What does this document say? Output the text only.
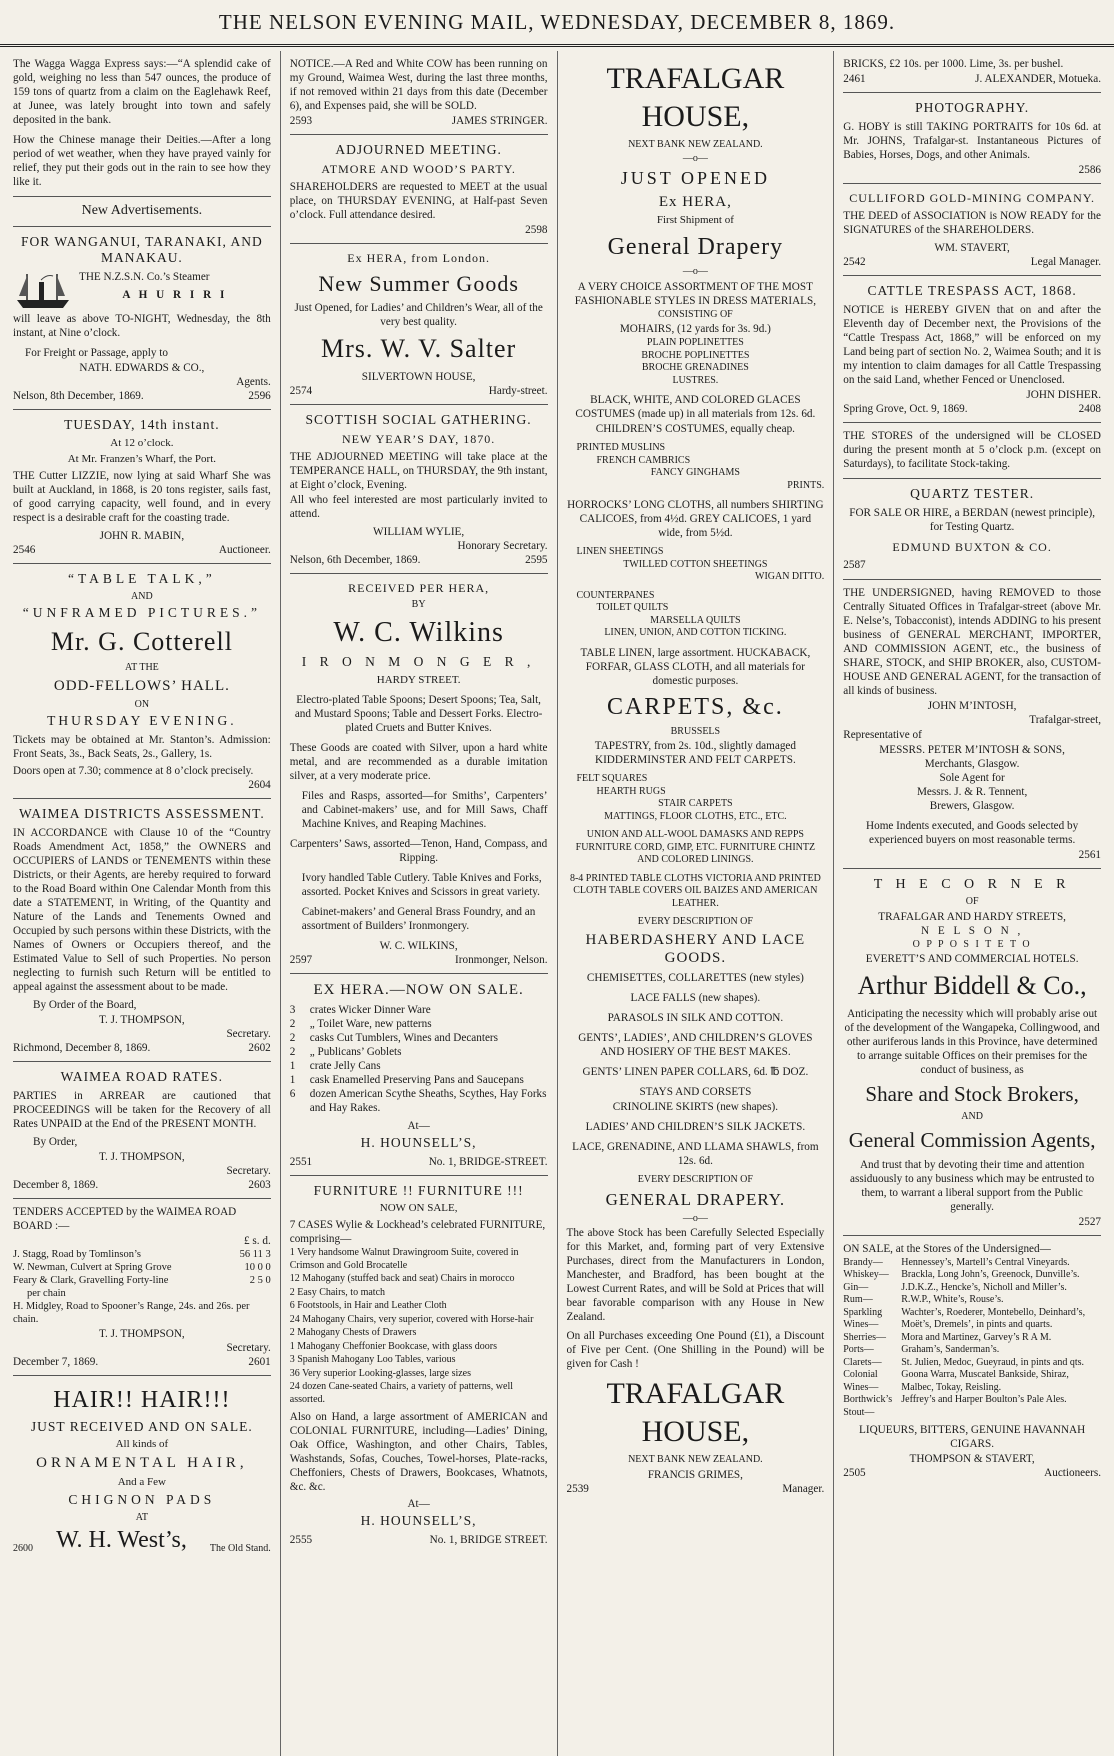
THE NELSON EVENING MAIL, WEDNESDAY, DECEMBER 8, 1869.
The Wagga Wagga Express says:—“A splendid cake of gold, weighing no less than 547 ounces, the produce of 159 tons of quartz from a claim on the Eaglehawk Reef, at Junee, was lately brought into town and safely deposited in the bank.
How the Chinese manage their Deities.—After a long period of wet weather, when they have prayed vainly for relief, they put their gods out in the rain to see how they like it.
New Advertisements.
FOR WANGANUI, TARANAKI, AND MANAKAU.
THE N.Z.S.N. Co.’s Steamer
A H U R I R I
will leave as above TO-NIGHT, Wednesday, the 8th instant, at Nine o’clock.
For Freight or Passage, apply to
NATH. EDWARDS & CO.,
Agents.
Nelson, 8th December, 1869.	2596
TUESDAY, 14th instant.
At 12 o’clock.
At Mr. Franzen’s Wharf, the Port.
THE Cutter LIZZIE, now lying at said Wharf She was built at Auckland, in 1868, is 20 tons register, sails fast, of good carrying capacity, well found, and in every respect is a desirable craft for the coasting trade.
JOHN R. MABIN,
2546	Auctioneer.
“TABLE TALK,”
AND
“UNFRAMED PICTURES.”
Mr. G. Cotterell
AT THE
ODD-FELLOWS’ HALL.
ON
THURSDAY EVENING.
Tickets may be obtained at Mr. Stanton’s. Admission: Front Seats, 3s., Back Seats, 2s., Gallery, 1s.
Doors open at 7.30; commence at 8 o’clock precisely.
2604
WAIMEA DISTRICTS ASSESSMENT.
IN ACCORDANCE with Clause 10 of the “Country Roads Amendment Act, 1858,” the OWNERS and OCCUPIERS of LANDS or TENEMENTS within these Districts, or their Agents, are hereby required to forward to the Road Board within One Calendar Month from this date a STATEMENT, in Writing, of the Quantity and Nature of the Lands and Tenements Owned and Occupied by such persons within these Districts, with the Names of Owners or Occupiers thereof, and the Estimated Value to Sell of such Properties. No person neglecting to furnish such Return will be entitled to appeal against the assessment about to be made.
By Order of the Board,
T. J. THOMPSON,
Secretary.
Richmond, December 8, 1869.	2602
WAIMEA ROAD RATES.
PARTIES in ARREAR are cautioned that PROCEEDINGS will be taken for the Recovery of all Rates UNPAID at the End of the PRESENT MONTH.
By Order,
T. J. THOMPSON,
Secretary.
December 8, 1869.	2603
TENDERS ACCEPTED by the WAIMEA ROAD BOARD :—
£ s. d.
J. Stagg, Road by Tomlinson’s	56 11 3
W. Newman, Culvert at Spring Grove	10 0 0
Feary & Clark, Gravelling Forty-line	2 5 0
per chain	
H. Midgley, Road to Spooner’s Range, 24s. and 26s. per chain.	
T. J. THOMPSON,
Secretary.
December 7, 1869.	2601
HAIR!! HAIR!!!
JUST RECEIVED AND ON SALE.
All kinds of
ORNAMENTAL HAIR,
And a Few
CHIGNON PADS
AT
2600 W. H. West’s, The Old Stand.
NOTICE.—A Red and White COW has been running on my Ground, Waimea West, during the last three months, if not removed within 21 days from this date (December 6), and Expenses paid, she will be SOLD.
2593	JAMES STRINGER.
ADJOURNED MEETING.
ATMORE AND WOOD’S PARTY.
SHAREHOLDERS are requested to MEET at the usual place, on THURSDAY EVENING, at Half-past Seven o’clock. Full attendance desired.
2598
Ex HERA, from London.
New Summer Goods
Just Opened, for Ladies’ and Children’s Wear, all of the very best quality.
Mrs. W. V. Salter
SILVERTOWN HOUSE,
2574	Hardy-street.
SCOTTISH SOCIAL GATHERING.
NEW YEAR’S DAY, 1870.
THE ADJOURNED MEETING will take place at the TEMPERANCE HALL, on THURSDAY, the 9th instant, at Eight o’clock, Evening.
All who feel interested are most particularly invited to attend.
WILLIAM WYLIE,
Honorary Secretary.
Nelson, 6th December, 1869.	2595
RECEIVED PER HERA,
BY
W. C. Wilkins
I R O N M O N G E R ,
HARDY STREET.
Electro-plated Table Spoons; Desert Spoons; Tea, Salt, and Mustard Spoons; Table and Dessert Forks. Electro-plated Cruets and Butter Knives.
These Goods are coated with Silver, upon a hard white metal, and are recommended as a durable imitation silver, at a very moderate price.
Files and Rasps, assorted—for Smiths’, Carpenters’ and Cabinet-makers’ use, and for Mill Saws, Chaff Machine Knives, and Reaping Machines.
Carpenters’ Saws, assorted—Tenon, Hand, Compass, and Ripping.
Ivory handled Table Cutlery. Table Knives and Forks, assorted. Pocket Knives and Scissors in great variety.
Cabinet-makers’ and General Brass Foundry, and an assortment of Builders’ Ironmongery.
W. C. WILKINS,
2597	Ironmonger, Nelson.
EX HERA.—NOW ON SALE.
3	crates Wicker Dinner Ware
2	„ Toilet Ware, new patterns
2	casks Cut Tumblers, Wines and Decanters
2	„ Publicans’ Goblets
1	crate Jelly Cans
1	cask Enamelled Preserving Pans and Saucepans
6	dozen American Scythe Sheaths, Scythes, Hay Forks and Hay Rakes.
At—
H. HOUNSELL’S,
2551	No. 1, BRIDGE-STREET.
FURNITURE !! FURNITURE !!!
NOW ON SALE,
7 CASES Wylie & Lockhead’s celebrated FURNITURE, comprising—
1 Very handsome Walnut Drawingroom Suite, covered in Crimson and Gold Brocatelle
12 Mahogany (stuffed back and seat) Chairs in morocco
2 Easy Chairs, to match
6 Footstools, in Hair and Leather Cloth
24 Mahogany Chairs, very superior, covered with Horse-hair
2 Mahogany Chests of Drawers
1 Mahogany Cheffonier Bookcase, with glass doors
3 Spanish Mahogany Loo Tables, various
36 Very superior Looking-glasses, large sizes
24 dozen Cane-seated Chairs, a variety of patterns, well assorted.
Also on Hand, a large assortment of AMERICAN and COLONIAL FURNITURE, including—Ladies’ Dining, Oak Office, Washington, and other Chairs, Tables, Washstands, Sofas, Couches, Towel-horses, Plate-racks, Cheffoniers, Chests of Drawers, Bookcases, Whatnots, &c. &c.
At—
H. HOUNSELL’S,
2555	No. 1, BRIDGE STREET.
TRAFALGAR HOUSE,
NEXT BANK NEW ZEALAND.
—o—
JUST OPENED
Ex HERA,
First Shipment of
General Drapery
—o—
A VERY CHOICE ASSORTMENT OF THE MOST FASHIONABLE STYLES IN DRESS MATERIALS,
CONSISTING OF
MOHAIRS, (12 yards for 3s. 9d.)
PLAIN POPLINETTES
BROCHE POPLINETTES
BROCHE GRENADINES
LUSTRES.
BLACK, WHITE, AND COLORED GLACES COSTUMES (made up) in all materials from 12s. 6d.
CHILDREN’S COSTUMES, equally cheap.
PRINTED MUSLINS
FRENCH CAMBRICS
FANCY GINGHAMS
PRINTS.
HORROCKS’ LONG CLOTHS, all numbers SHIRTING CALICOES, from 4½d. GREY CALICOES, 1 yard wide, from 5½d.
LINEN SHEETINGS
TWILLED COTTON SHEETINGS
WIGAN DITTO.
COUNTERPANES
TOILET QUILTS
MARSELLA QUILTS
LINEN, UNION, AND COTTON TICKING.
TABLE LINEN, large assortment. HUCKABACK, FORFAR, GLASS CLOTH, and all materials for domestic purposes.
CARPETS, &c.
BRUSSELS
TAPESTRY, from 2s. 10d., slightly damaged KIDDERMINSTER AND FELT CARPETS.
FELT SQUARES
HEARTH RUGS
STAIR CARPETS
MATTINGS, FLOOR CLOTHS, ETC., ETC.
UNION AND ALL-WOOL DAMASKS AND REPPS FURNITURE CORD, GIMP, ETC. FURNITURE CHINTZ AND COLORED LININGS.
8-4 PRINTED TABLE CLOTHS VICTORIA AND PRINTED CLOTH TABLE COVERS OIL BAIZES AND AMERICAN LEATHER.
EVERY DESCRIPTION OF
HABERDASHERY AND LACE GOODS.
CHEMISETTES, COLLARETTES (new styles)
LACE FALLS (new shapes).
PARASOLS IN SILK AND COTTON.
GENTS’, LADIES’, AND CHILDREN’S GLOVES AND HOSIERY OF THE BEST MAKES.
GENTS’ LINEN PAPER COLLARS, 6d. ℔ DOZ.
STAYS AND CORSETS
CRINOLINE SKIRTS (new shapes).
LADIES’ AND CHILDREN’S SILK JACKETS.
LACE, GRENADINE, AND LLAMA SHAWLS, from 12s. 6d.
EVERY DESCRIPTION OF
GENERAL DRAPERY.
—o—
The above Stock has been Carefully Selected Especially for this Market, and, forming part of very Extensive Purchases, direct from the Manufacturers in London, Manchester, and Bradford, has been bought at the Lowest Current Rates, and will be Sold at Prices that will bear favorable comparison with any House in New Zealand.
On all Purchases exceeding One Pound (£1), a Discount of Five per Cent. (One Shilling in the Pound) will be given for Cash !
TRAFALGAR HOUSE,
NEXT BANK NEW ZEALAND.
FRANCIS GRIMES,
2539	Manager.
BRICKS, £2 10s. per 1000. Lime, 3s. per bushel.
2461	J. ALEXANDER, Motueka.
PHOTOGRAPHY.
G. HOBY is still TAKING PORTRAITS for 10s 6d. at Mr. JOHNS, Trafalgar-st. Instantaneous Pictures of Babies, Horses, Dogs, and other Animals.
2586
CULLIFORD GOLD-MINING COMPANY.
THE DEED of ASSOCIATION is NOW READY for the SIGNATURES of the SHAREHOLDERS.
WM. STAVERT,
2542	Legal Manager.
CATTLE TRESPASS ACT, 1868.
NOTICE is HEREBY GIVEN that on and after the Eleventh day of December next, the Provisions of the “Cattle Trespass Act, 1868,” will be enforced on my Land being part of section No. 2, Waimea South; and it is my intention to claim damages for all Cattle Trespassing on the said Land, whether Fenced or Unenclosed.
JOHN DISHER.
Spring Grove, Oct. 9, 1869.	2408
THE STORES of the undersigned will be CLOSED during the present month at 5 o’clock p.m. (except on Saturdays), to facilitate Stock-taking.
QUARTZ TESTER.
FOR SALE OR HIRE, a BERDAN (newest principle), for Testing Quartz.
EDMUND BUXTON & CO.
2587
THE UNDERSIGNED, having REMOVED to those Centrally Situated Offices in Trafalgar-street (above Mr. E. Nelse’s, Tobacconist), intends ADDING to his present business of GENERAL MERCHANT, IMPORTER, AND COMMISSION AGENT, etc., the business of SHARE, STOCK, and SHIP BROKER, also, CUSTOM-HOUSE AND GENERAL AGENT, for the transaction of all kinds of business.
JOHN M’INTOSH,
Trafalgar-street,
Representative of
MESSRS. PETER M’INTOSH & SONS,
Merchants, Glasgow.
Sole Agent for
Messrs. J. & R. Tennent,
Brewers, Glasgow.
Home Indents executed, and Goods selected by experienced buyers on most reasonable terms.
2561
T H E C O R N E R
OF
TRAFALGAR AND HARDY STREETS,
N E L S O N ,
O P P O S I T E T O
EVERETT’S AND COMMERCIAL HOTELS.
Arthur Biddell & Co.,
Anticipating the necessity which will probably arise out of the development of the Wangapeka, Collingwood, and other auriferous lands in this Province, have determined to arrange suitable Offices on their premises for the conduct of business, as
Share and Stock Brokers,
AND
General Commission Agents,
And trust that by devoting their time and attention assiduously to any business which may be entrusted to them, to warrant a liberal support from the Public generally.
2527
ON SALE, at the Stores of the Undersigned—
Brandy—	Hennessey’s, Martell’s Central Vineyards.
Whiskey—	Brackla, Long John’s, Greenock, Dunville’s.
Gin—	J.D.K.Z., Hencke’s, Nicholl and Miller’s.
Rum—	R.W.P., White’s, Rouse’s.
Sparkling Wines—
Wachter’s, Roederer, Montebello, Deinhard’s, Moët’s, Dremels’, in pints and quarts.
Sherries—	Mora and Martinez, Garvey’s R A M.
Ports—	Graham’s, Sanderman’s.
Clarets—	St. Julien, Medoc, Gueyraud, in pints and qts.
Colonial Wines—
Goona Warra, Muscatel Bankside, Shiraz, Malbec, Tokay, Reisling.
Borthwick’s Stout—
Jeffrey’s and Harper Boulton’s Pale Ales.
LIQUEURS, BITTERS, GENUINE HAVANNAH CIGARS.
THOMPSON & STAVERT,
2505	Auctioneers.
